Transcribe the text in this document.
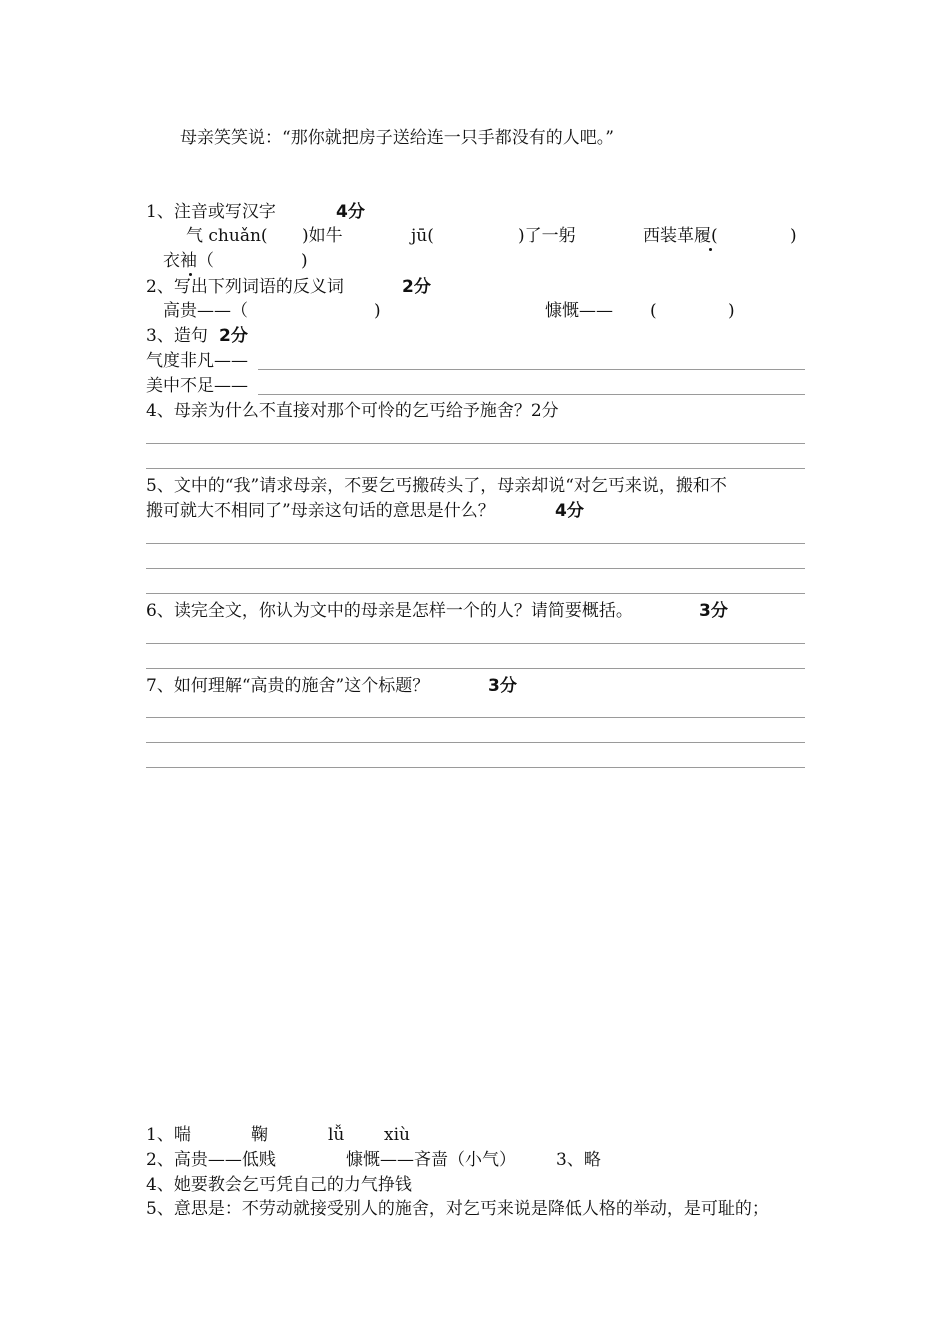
母亲笑笑说：“那你就把房子送给连一只手都没有的人吧。”
1、注音或写汉字	4分
气 chuǎn( )如牛	jū(	)了一躬	西装革履(	)
衣袖（	)
2、写出下列词语的反义词	2分
高贵——（	)	慷慨—— (	)
3、造句 2分
气度非凡——
美中不足——
4、母亲为什么不直接对那个可怜的乞丐给予施舍？2分
5、文中的“我”请求母亲，不要乞丐搬砖头了，母亲却说“对乞丐来说，搬和不
搬可就大不相同了”母亲这句话的意思是什么？	4分
6、读完全文，你认为文中的母亲是怎样一个的人？请简要概括。	3分
7、如何理解“高贵的施舍”这个标题？	3分
1、喘	鞠	lǚ xiù
2、高贵——低贱	慷慨——吝啬（小气） 3、略
4、她要教会乞丐凭自己的力气挣钱
5、意思是：不劳动就接受别人的施舍，对乞丐来说是降低人格的举动，是可耻的；
